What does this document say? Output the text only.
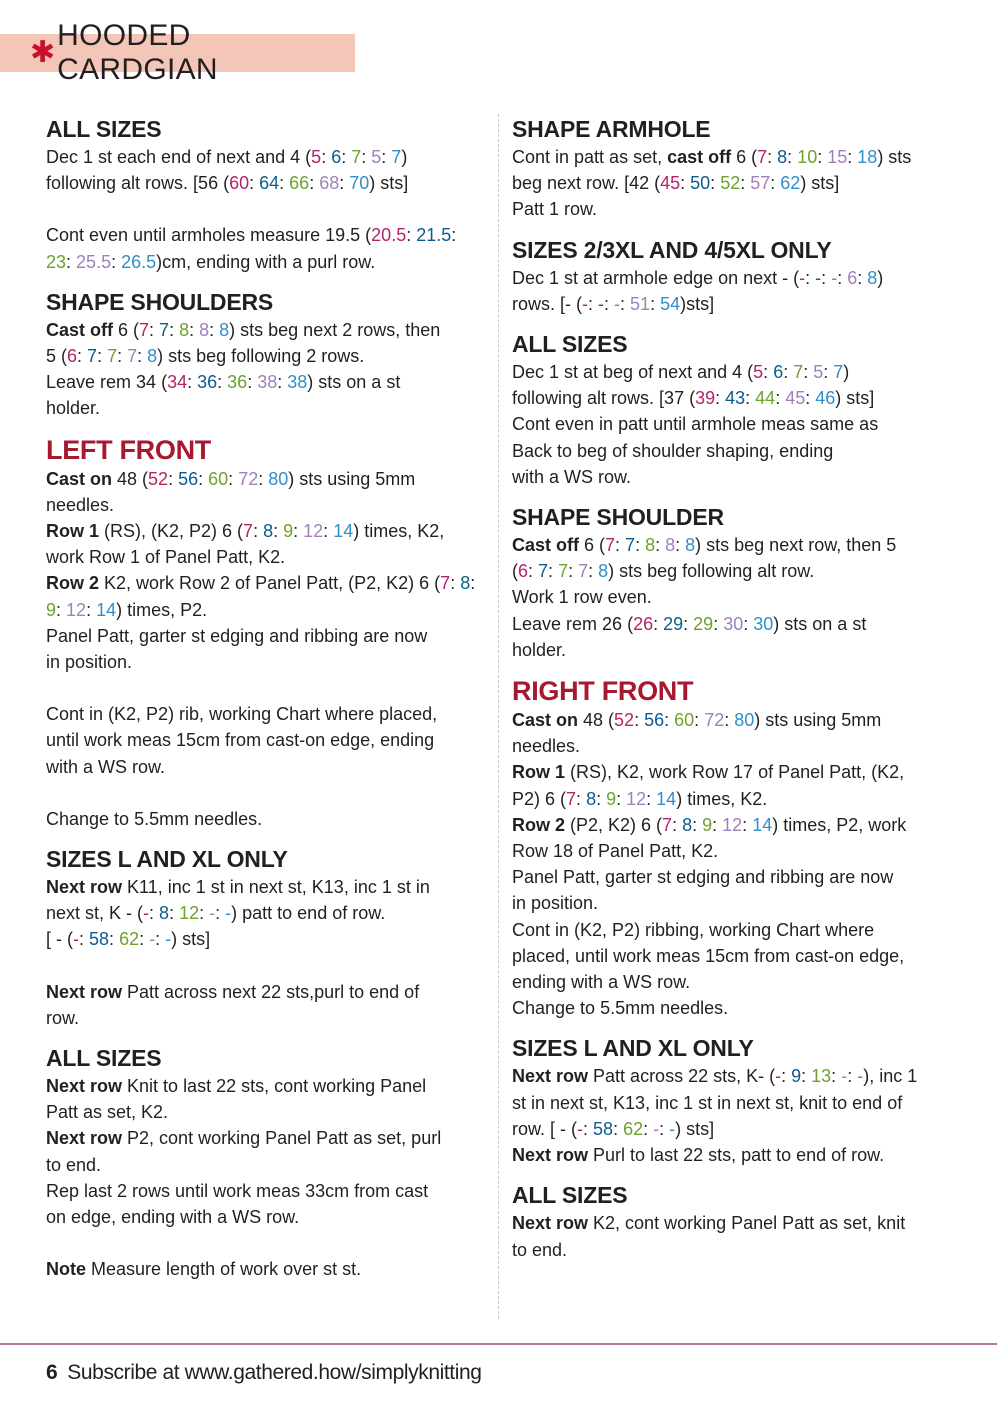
✱
HOODED CARDGIAN
ALL SIZES

Dec 1 st each end of next and 4 (5: 6: 7: 5: 7)

following alt rows. [56 (60: 64: 66: 68: 70) sts]

Cont even until armholes measure 19.5 (20.5: 21.5: 23: 25.5: 26.5)cm, ending with a purl row.

SHAPE SHOULDERS

Cast off 6 (7: 7: 8: 8: 8) sts beg next 2 rows, then

5 (6: 7: 7: 7: 8) sts beg following 2 rows.

Leave rem 34 (34: 36: 36: 38: 38) sts on a st

holder.

LEFT FRONT

Cast on 48 (52: 56: 60: 72: 80) sts using 5mm

needles.

Row 1 (RS), (K2, P2) 6 (7: 8: 9: 12: 14) times, K2,

work Row 1 of Panel Patt, K2.

Row 2 K2, work Row 2 of Panel Patt, (P2, K2) 6 (7: 8: 9: 12: 14) times, P2.

Panel Patt, garter st edging and ribbing are now

in position.

Cont in (K2, P2) rib, working Chart where placed,

until work meas 15cm from cast-on edge, ending

with a WS row.

Change to 5.5mm needles.

SIZES L AND XL ONLY

Next row K11, inc 1 st in next st, K13, inc 1 st in

next st, K - (-: 8: 12: -: -) patt to end of row.

[ - (-: 58: 62: -: -) sts]

Next row Patt across next 22 sts,purl to end of

row.

ALL SIZES

Next row Knit to last 22 sts, cont working Panel

Patt as set, K2.

Next row P2, cont working Panel Patt as set, purl

to end.

Rep last 2 rows until work meas 33cm from cast

on edge, ending with a WS row.

Note Measure length of work over st st.

SHAPE ARMHOLE

Cont in patt as set, cast off 6 (7: 8: 10: 15: 18) sts

beg next row. [42 (45: 50: 52: 57: 62) sts]

Patt 1 row.

SIZES 2/3XL AND 4/5XL ONLY

Dec 1 st at armhole edge on next - (-: -: -: 6: 8)

rows. [- (-: -: -: 51: 54)sts]

ALL SIZES

Dec 1 st at beg of next and 4 (5: 6: 7: 5: 7)

following alt rows. [37 (39: 43: 44: 45: 46) sts]

Cont even in patt until armhole meas same as

Back to beg of shoulder shaping, ending

with a WS row.

SHAPE SHOULDER

Cast off 6 (7: 7: 8: 8: 8) sts beg next row, then 5

(6: 7: 7: 7: 8) sts beg following alt row.

Work 1 row even.

Leave rem 26 (26: 29: 29: 30: 30) sts on a st

holder.

RIGHT FRONT

Cast on 48 (52: 56: 60: 72: 80) sts using 5mm

needles.

Row 1 (RS), K2, work Row 17 of Panel Patt, (K2,

P2) 6 (7: 8: 9: 12: 14) times, K2.

Row 2 (P2, K2) 6 (7: 8: 9: 12: 14) times, P2, work

Row 18 of Panel Patt, K2.

Panel Patt, garter st edging and ribbing are now

in position.

Cont in (K2, P2) ribbing, working Chart where

placed, until work meas 15cm from cast-on edge,

ending with a WS row.

Change to 5.5mm needles.

SIZES L AND XL ONLY

Next row Patt across 22 sts, K- (-: 9: 13: -: -), inc 1

st in next st, K13, inc 1 st in next st, knit to end of

row. [ - (-: 58: 62: -: -) sts]

Next row Purl to last 22 sts, patt to end of row.

ALL SIZES

Next row K2, cont working Panel Patt as set, knit

to end.

6 Subscribe at www.gathered.how/simplyknitting
